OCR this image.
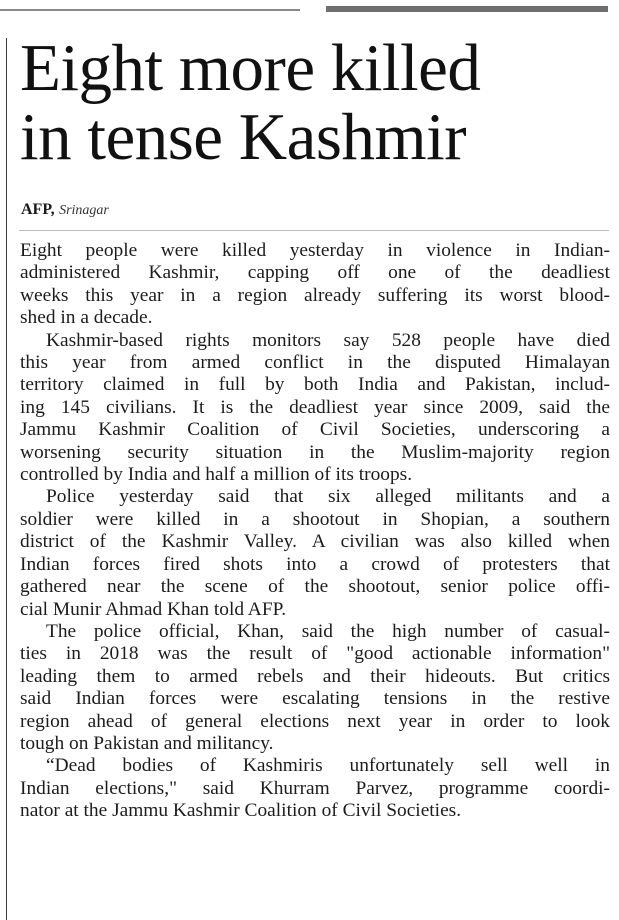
Eight more killed
in tense Kashmir
AFP, Srinagar

Eight people were killed yesterday in violence in Indian-
administered Kashmir, capping off one of the deadliest
weeks this year in a region already suffering its worst blood-
shed in a decade.

Kashmir-based rights monitors say 528 people have died
this year from armed conflict in the disputed Himalayan
territory claimed in full by both India and Pakistan, includ-
ing 145 civilians. It is the deadliest year since 2009, said the
Jammu Kashmir Coalition of Civil Societies, underscoring a
worsening security situation in the Muslim-majority region
controlled by India and half a million of its troops.

Police yesterday said that six alleged militants and a
soldier were killed in a shootout in Shopian, a southern
district of the Kashmir Valley. A civilian was also killed when
Indian forces fired shots into a crowd of protesters that
gathered near the scene of the shootout, senior police offi-
cial Munir Ahmad Khan told AFP.

The police official, Khan, said the high number of casual-
ties in 2018 was the result of "good actionable information"
leading them to armed rebels and their hideouts. But critics
said Indian forces were escalating tensions in the restive
region ahead of general elections next year in order to look
tough on Pakistan and militancy.

“Dead bodies of Kashmiris unfortunately sell well in
Indian elections," said Khurram Parvez, programme coordi-
nator at the Jammu Kashmir Coalition of Civil Societies.
